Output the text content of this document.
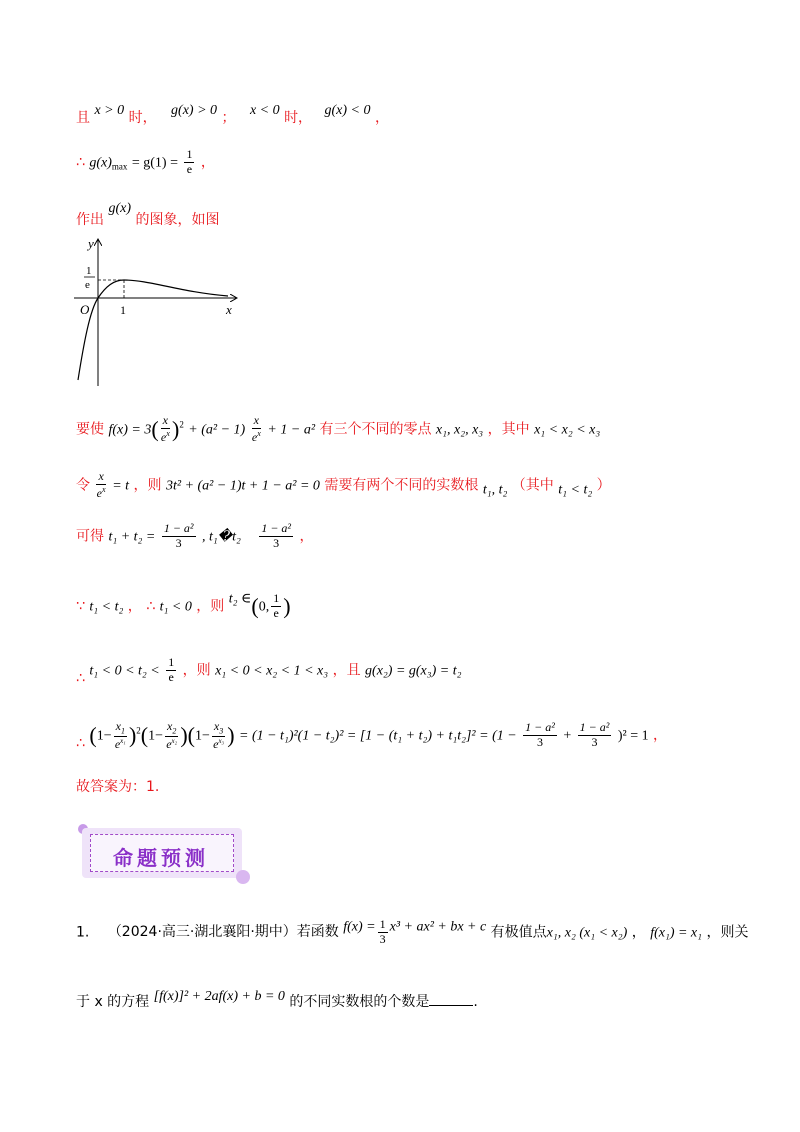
且 x > 0 时， g(x) > 0 ； x < 0 时， g(x) < 0 ，
∴ $g(x)_{max} = g(1) = \frac{1}{e}$ ，
作出 g(x) 的图象，如图
y
x
O	1
1
e
要使 $f(x) = 3( \frac{x}{e^x} )^2 + (a^2 - 1) \frac{x}{e^x} + 1 - a^2$ 有三个不同的零点 x₁, x₂, x₃ ，其中 x₁ < x₂ < x₃
令 $\frac{x}{e^x} = t$ ，则 3t² + (a² − 1)t + 1 − a² = 0 需要有两个不同的实数根 t₁, t₂ （其中 t₁ < t₂ ）
可得 $t_1 + t_2 = \frac{\text{1 − a²}}{3}$ , t₁�t₂ $\frac{\text{1 − a²}}{3}$ ，
∵ t₁ < t₂ ， ∴ t₁ < 0 ，则 t₂ ∈(0, $\frac{1}{e}$ )
∴ $t_1 < 0 < t_2 < \frac{1}{e}$ ，则 x₁ < 0 < x₂ < 1 < x₃ ，且 g(x₂) = g(x₃) = t₂
∴ $(1- \frac{x_1}{e^{x_1}} )^2(1- \frac{x_2}{e^{x_2}} )(1- \frac{x_3}{e^{x_3}}$ ) = $(1 - t_1)^2(1 - t_2)^2 = [1 - (t_1 + t_2) + t_1t_2]^2 = (1 - \frac{\text{1 − a²}}{3} + \frac{\text{1 − a²}}{3} )^2 = 1$ ，
故答案为：1.
命题预测
1. （2024·高三·湖北襄阳·期中）若函数 $f(x) = \frac{1}{3} x^3 + ax^2$ + bx + c 有极值点x₁, x₂ (x₁ < x₂) ， f(x₁) = x₁ ，则关
于 x 的方程 [f(x)]² + 2af(x) + b = 0 的不同实数根的个数是	.
